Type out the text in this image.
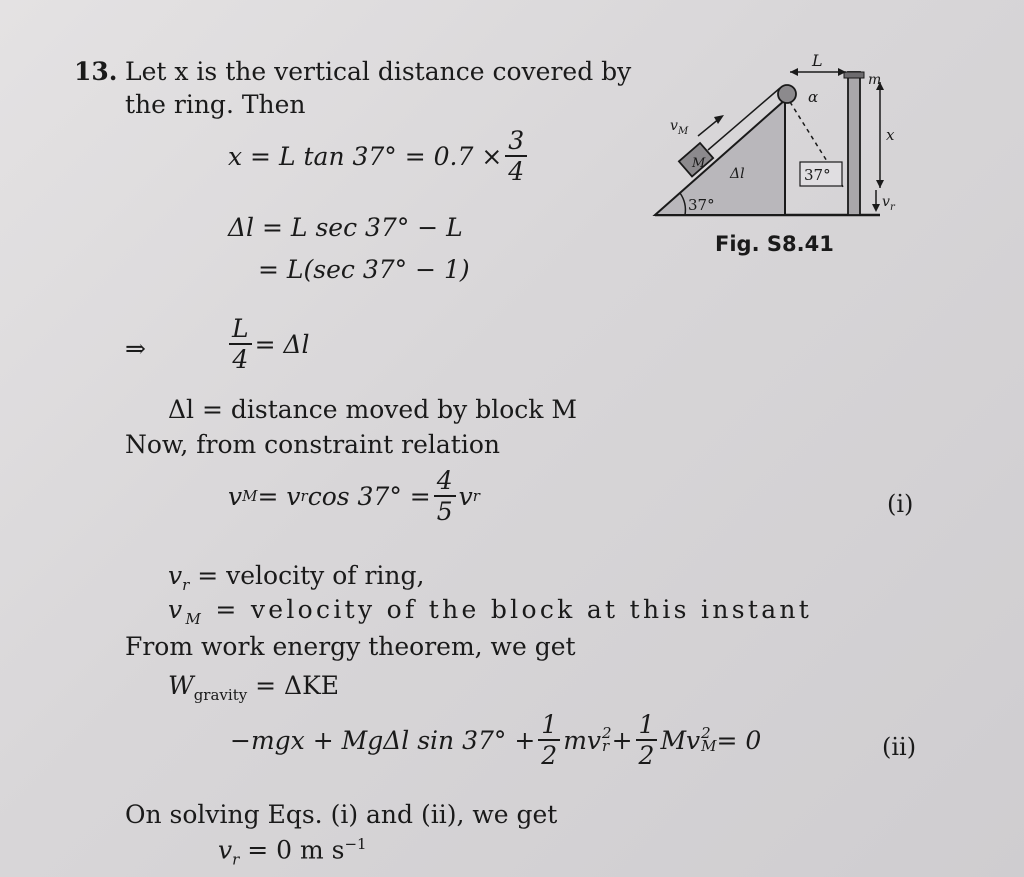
13. Let x is the vertical distance covered by
the ring. Then
x = L $\tan 37^\circ = 0.7 \times \frac{3}{4}$
Δl = L sec 37° − L
= L(sec 37° − 1)
⇒	$\frac{L}{4} = \Delta l$
Δl = distance moved by block M
Now, from constraint relation
v M = v r $\cos 37^\circ = \frac{4}{5}$ v r	(i)
$v_r$ = velocity of ring,
$v_M$ = velocity of the block at this instant
From work energy theorem, we get
$W_{gravity} = \Delta KE$
−mgx + MgΔl $\sin 37^\circ + \frac{1}{2}$ mv 2
$r + \frac{1}{2}$ Mv 2
M = 0	(ii)
On solving Eqs. (i) and (ii), we get
$v_r = 0$ m $s^{-1}$
L
m
α
v M
M
Δl
37°
37°
x
v r
Fig. S8.41
